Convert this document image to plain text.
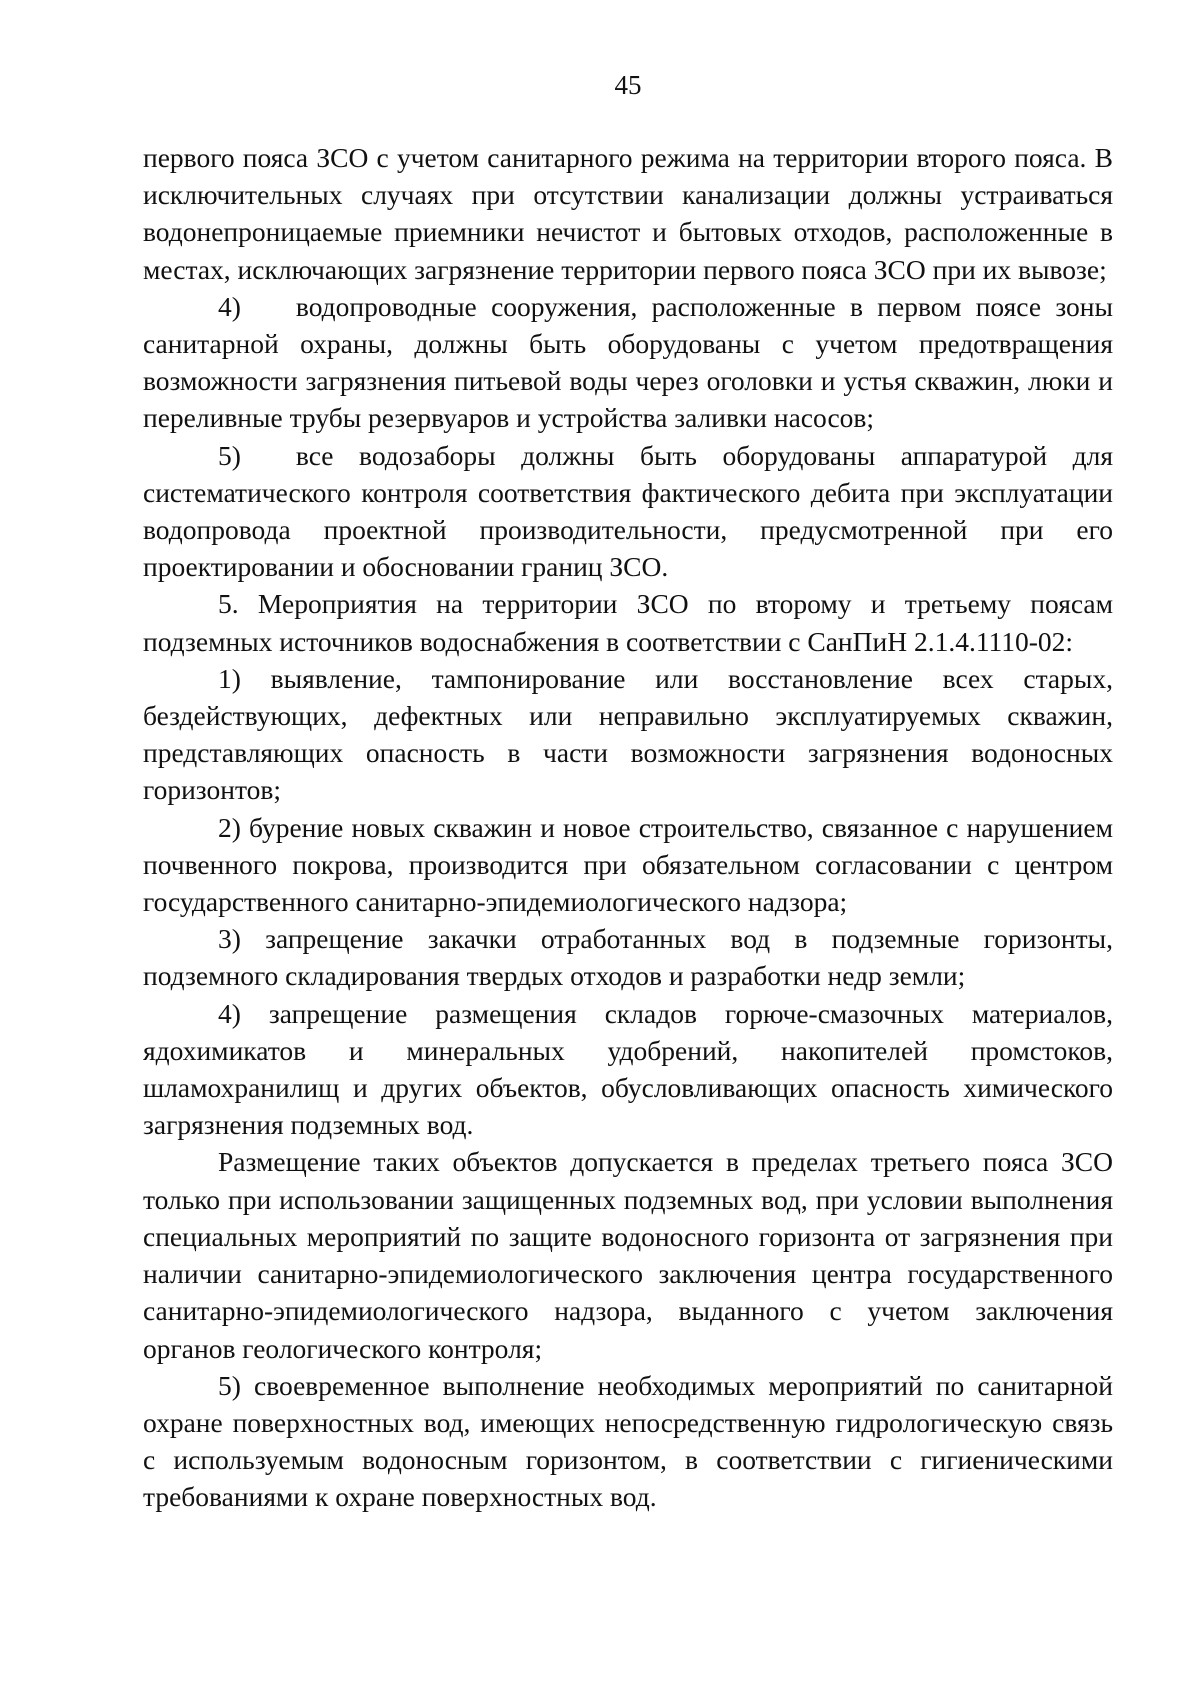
45

первого пояса ЗСО с учетом санитарного режима на территории второго пояса. В исключительных случаях при отсутствии канализации должны устраиваться водонепроницаемые приемники нечистот и бытовых отходов, расположенные в местах, исключающих загрязнение территории первого пояса ЗСО при их вывозе;

4)  водопроводные сооружения, расположенные в первом поясе зоны санитарной охраны, должны быть оборудованы с учетом предотвращения возможности загрязнения питьевой воды через оголовки и устья скважин, люки и переливные трубы резервуаров и устройства заливки насосов;

5)  все водозаборы должны быть оборудованы аппаратурой для систематического контроля соответствия фактического дебита при эксплуатации водопровода проектной производительности, предусмотренной при его проектировании и обосновании границ ЗСО.

5. Мероприятия на территории ЗСО по второму и третьему поясам подземных источников водоснабжения в соответствии с СанПиН 2.1.4.1110-02:

1) выявление, тампонирование или восстановление всех старых, бездействующих, дефектных или неправильно эксплуатируемых скважин, представляющих опасность в части возможности загрязнения водоносных горизонтов;

2) бурение новых скважин и новое строительство, связанное с нарушением почвенного покрова, производится при обязательном согласовании с центром государственного санитарно-эпидемиологического надзора;

3) запрещение закачки отработанных вод в подземные горизонты, подземного складирования твердых отходов и разработки недр земли;

4) запрещение размещения складов горюче-смазочных материалов, ядохимикатов и минеральных удобрений, накопителей промстоков, шламохранилищ и других объектов, обусловливающих опасность химического загрязнения подземных вод.

Размещение таких объектов допускается в пределах третьего пояса ЗСО только при использовании защищенных подземных вод, при условии выполнения специальных мероприятий по защите водоносного горизонта от загрязнения при наличии санитарно-эпидемиологического заключения центра государственного санитарно-эпидемиологического надзора, выданного с учетом заключения органов геологического контроля;

5) своевременное выполнение необходимых мероприятий по санитарной охране поверхностных вод, имеющих непосредственную гидрологическую связь с используемым водоносным горизонтом, в соответствии с гигиеническими требованиями к охране поверхностных вод.
